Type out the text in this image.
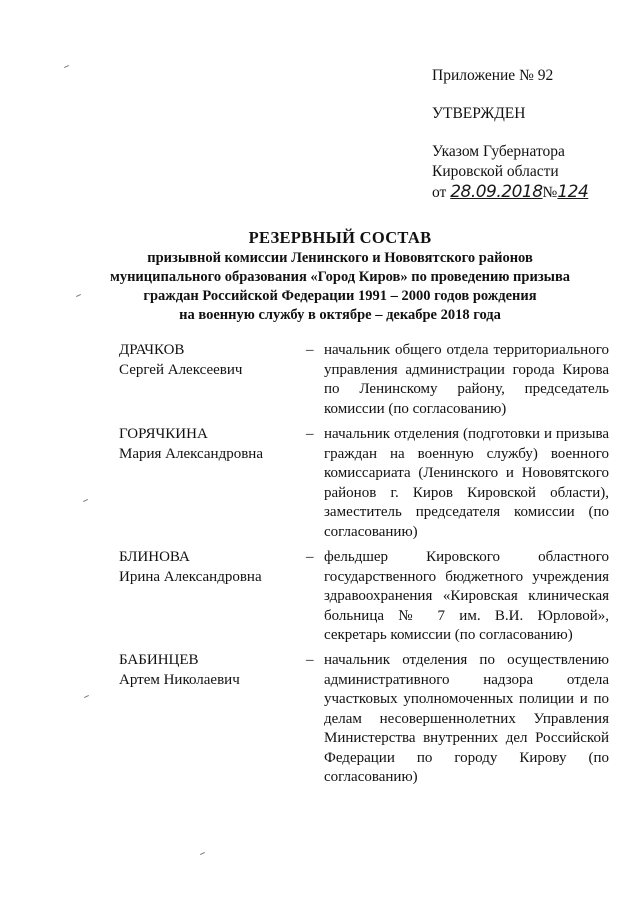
Приложение № 92
УТВЕРЖДЕН
Указом Губернатора
Кировской области
от 28.09.2018№124
РЕЗЕРВНЫЙ СОСТАВ
призывной комиссии Ленинского и Нововятского районов
муниципального образования «Город Киров» по проведению призыва
граждан Российской Федерации 1991 – 2000 годов рождения
на военную службу в октябре – декабре 2018 года
ДРАЧКОВ
Сергей Алексеевич
– начальник общего отдела территориального управления администрации города Кирова по Ленинскому району, председатель комиссии (по согласованию)
ГОРЯЧКИНА
Мария Александровна
– начальник отделения (подготовки и призыва граждан на военную службу) военного комиссариата (Ленинского и Нововятского районов г. Киров Кировской области), заместитель председателя комиссии (по согласованию)
БЛИНОВА
Ирина Александровна
– фельдшер Кировского областного государственного бюджетного учреждения здравоохранения «Кировская клиническая больница № 7 им. В.И. Юрловой», секретарь комиссии (по согласованию)
БАБИНЦЕВ
Артем Николаевич
– начальник отделения по осуществлению административного надзора отдела участковых уполномоченных полиции и по делам несовершеннолетних Управления Министерства внутренних дел Российской Федерации по городу Кирову (по согласованию)
